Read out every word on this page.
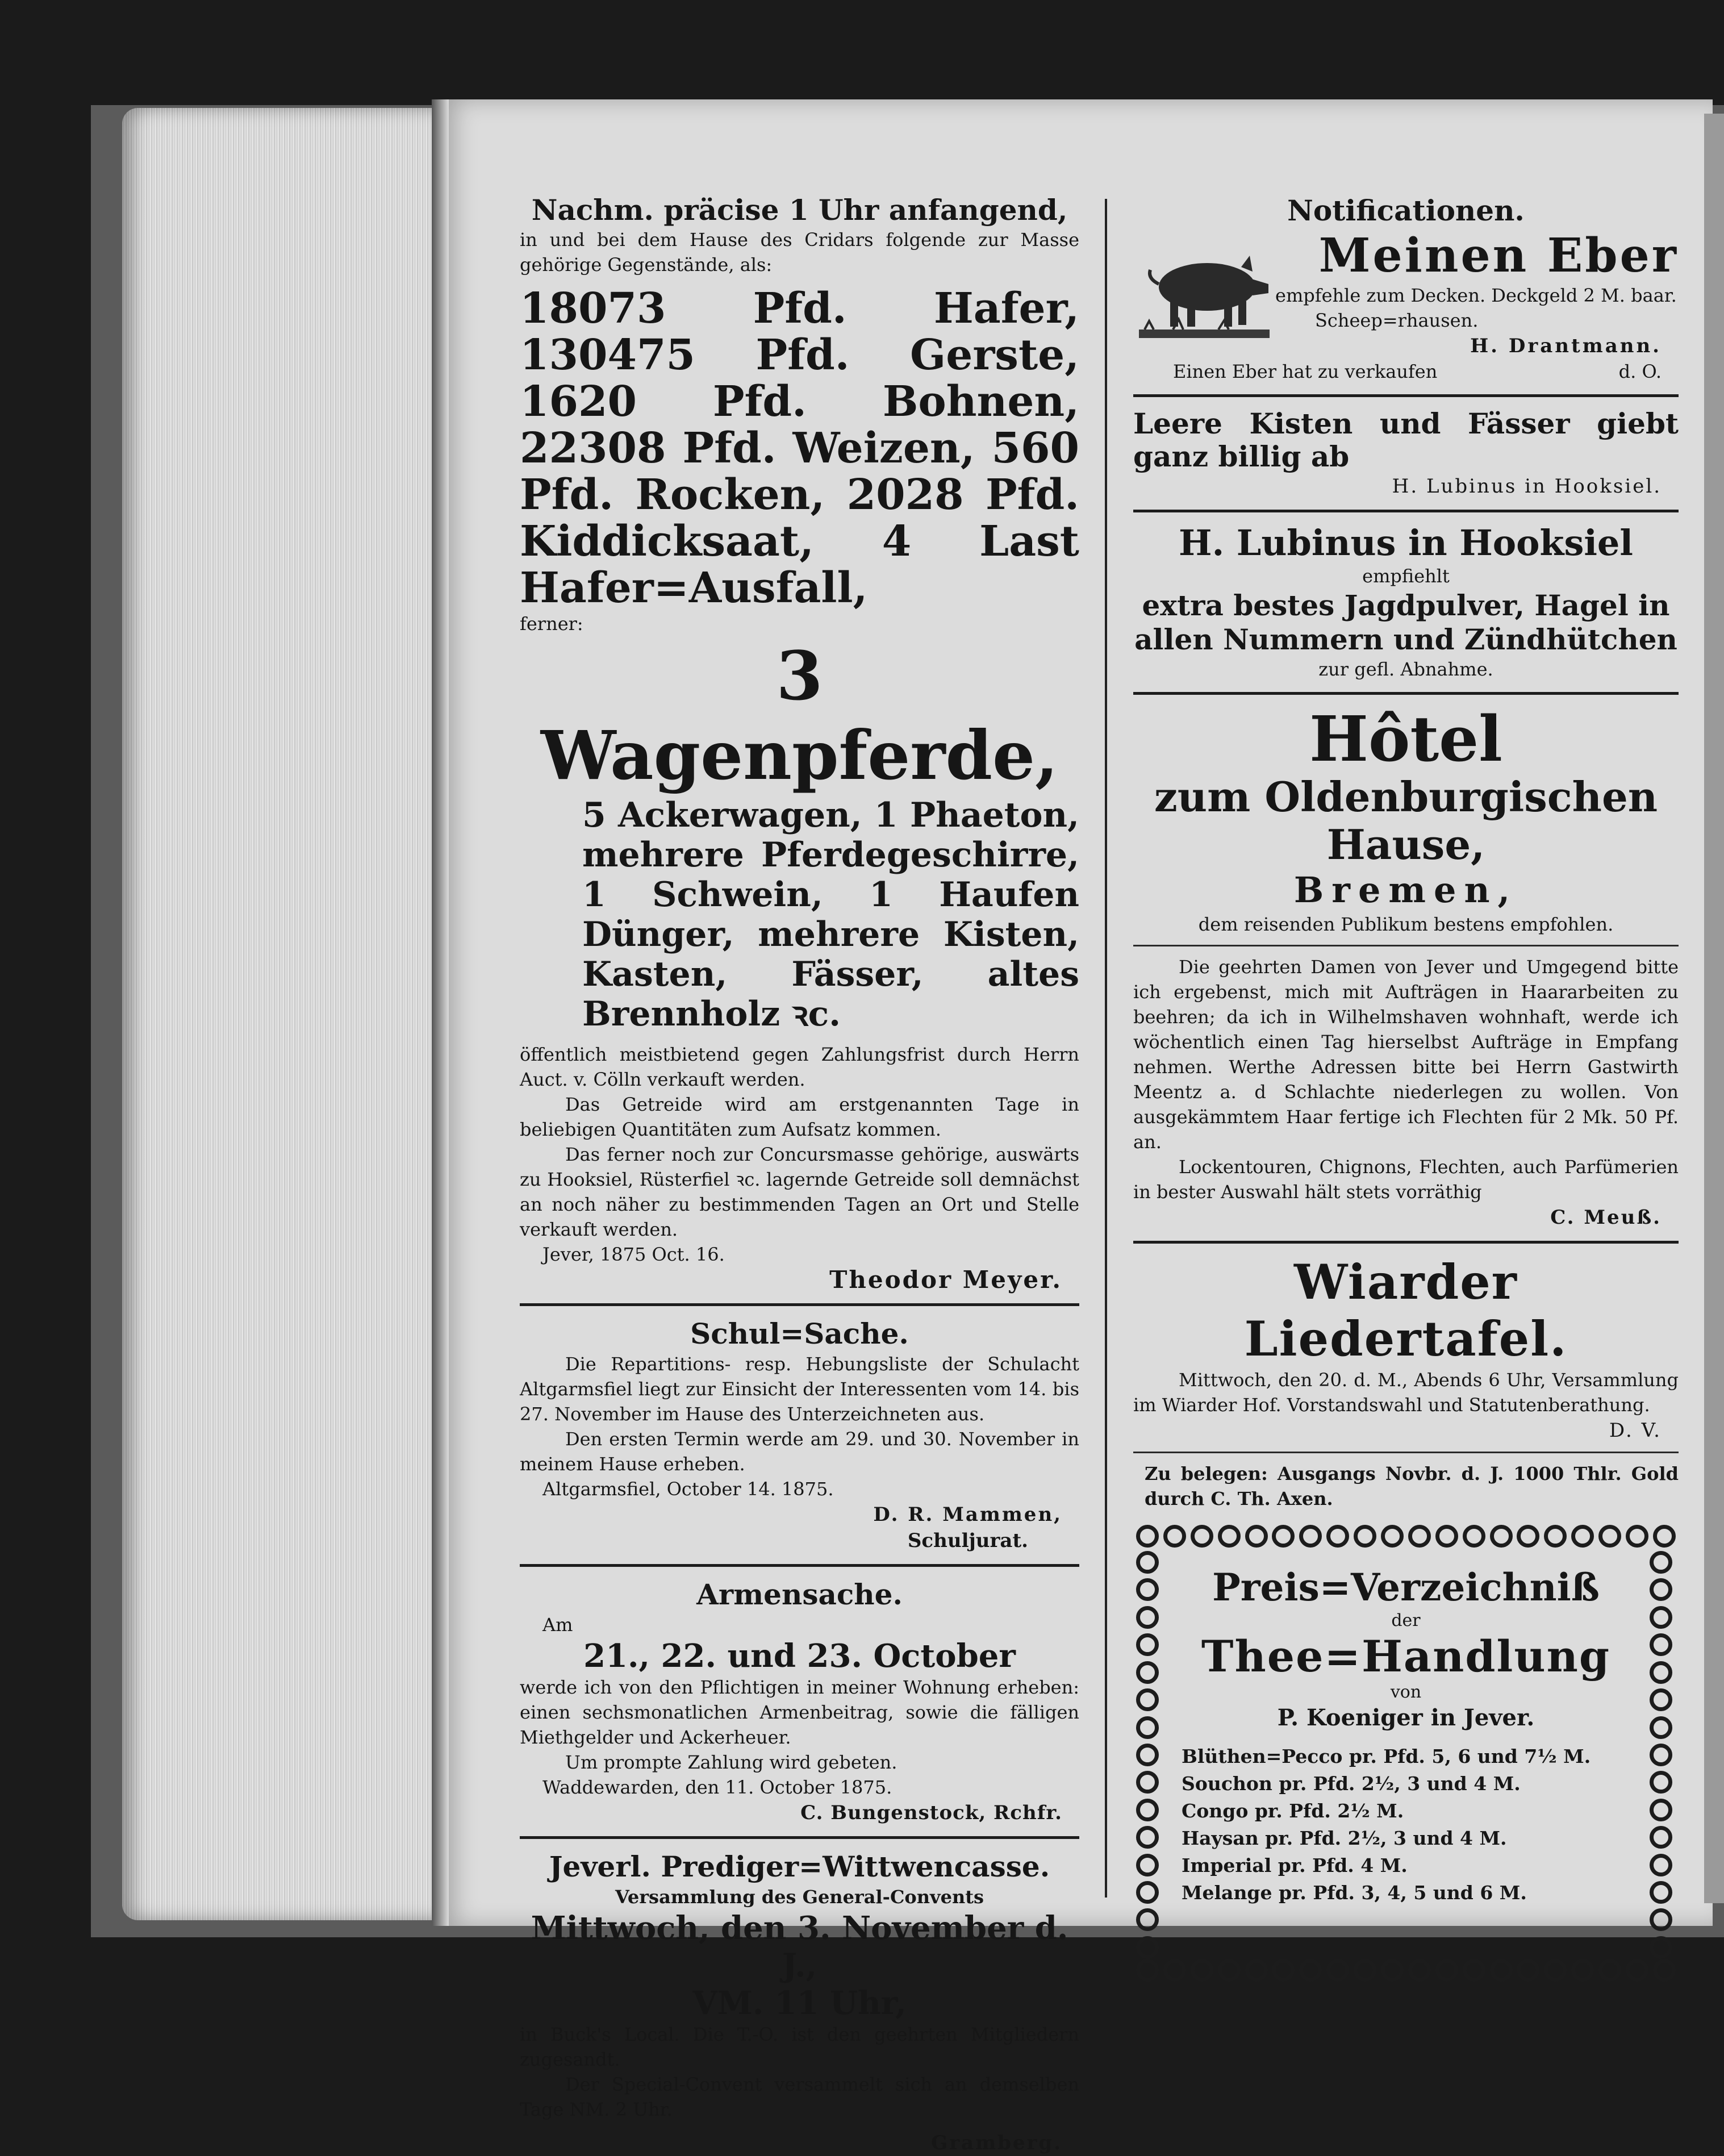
Nachm. präcise 1 Uhr anfangend,
in und bei dem Hause des Cridars folgende zur Masse gehörige Gegenstände, als:
18073 Pfd. Hafer, 130475 Pfd. Gerste, 1620 Pfd. Bohnen, 22308 Pfd. Weizen, 560 Pfd. Rocken, 2028 Pfd. Kiddicksaat, 4 Last Hafer=Ausfall,
ferner:
3 Wagenpferde,
5 Ackerwagen, 1 Phaeton, mehrere Pferdegeschirre, 1 Schwein, 1 Haufen Dünger, mehrere Kisten, Kasten, Fässer, altes Brennholz ꝛc.
öffentlich meistbietend gegen Zahlungsfrist durch Herrn Auct. v. Cölln verkauft werden.
Das Getreide wird am erstgenannten Tage in beliebigen Quantitäten zum Aufsatz kommen.
Das ferner noch zur Concursmasse gehörige, auswärts zu Hooksiel, Rüsterfiel ꝛc. lagernde Getreide soll demnächst an noch näher zu bestimmenden Tagen an Ort und Stelle verkauft werden.
Jever, 1875 Oct. 16.
Theodor Meyer.
Schul=Sache.
Die Repartitions- resp. Hebungsliste der Schulacht Altgarmsfiel liegt zur Einsicht der Interessenten vom 14. bis 27. November im Hause des Unterzeichneten aus.
Den ersten Termin werde am 29. und 30. November in meinem Hause erheben.
Altgarmsfiel, October 14. 1875.
D. R. Mammen,
Schuljurat.
Armensache.
Am
21., 22. und 23. October
werde ich von den Pflichtigen in meiner Wohnung erheben: einen sechsmonatlichen Armenbeitrag, sowie die fälligen Miethgelder und Ackerheuer.
Um prompte Zahlung wird gebeten.
Waddewarden, den 11. October 1875.
C. Bungenstock, Rchfr.
Jeverl. Prediger=Wittwencasse.
Versammlung des General-Convents
Mittwoch, den 3. November d. J.,
VM. 11 Uhr,
in Buck's Local. Die T.-O. ist den geehrten Mitgliedern zugesandt.
Der Special-Convent versammelt sich an demselben Tage NM. 2 Uhr.
Gramberg.
Notificationen.
Meinen Eber
empfehle zum Decken. Deckgeld 2 M. baar.
Scheep=rhausen.
H. Drantmann.
Einen Eber hat zu verkaufen	d. O.
Leere Kisten und Fässer giebt ganz billig ab
H. Lubinus in Hooksiel.
H. Lubinus in Hooksiel
empfiehlt
extra bestes Jagdpulver, Hagel in allen Nummern und Zündhütchen
zur gefl. Abnahme.
Hôtel
zum Oldenburgischen Hause,
Bremen,
dem reisenden Publikum bestens empfohlen.
Die geehrten Damen von Jever und Umgegend bitte ich ergebenst, mich mit Aufträgen in Haararbeiten zu beehren; da ich in Wilhelmshaven wohnhaft, werde ich wöchentlich einen Tag hierselbst Aufträge in Empfang nehmen. Werthe Adressen bitte bei Herrn Gastwirth Meentz a. d Schlachte niederlegen zu wollen. Von ausgekämmtem Haar fertige ich Flechten für 2 Mk. 50 Pf. an.
Lockentouren, Chignons, Flechten, auch Parfümerien in bester Auswahl hält stets vorräthig
C. Meuß.
Wiarder Liedertafel.
Mittwoch, den 20. d. M., Abends 6 Uhr, Versammlung im Wiarder Hof. Vorstandswahl und Statutenberathung.
D. V.
Zu belegen: Ausgangs Novbr. d. J. 1000 Thlr. Gold durch C. Th. Axen.
Preis=Verzeichniß
der
Thee=Handlung
von
P. Koeniger in Jever.
Blüthen=Pecco pr. Pfd. 5, 6 und 7½ M.
Souchon pr. Pfd. 2½, 3 und 4 M.
Congo pr. Pfd. 2½ M.
Haysan pr. Pfd. 2½, 3 und 4 M.
Imperial pr. Pfd. 4 M.
Melange pr. Pfd. 3, 4, 5 und 6 M.
